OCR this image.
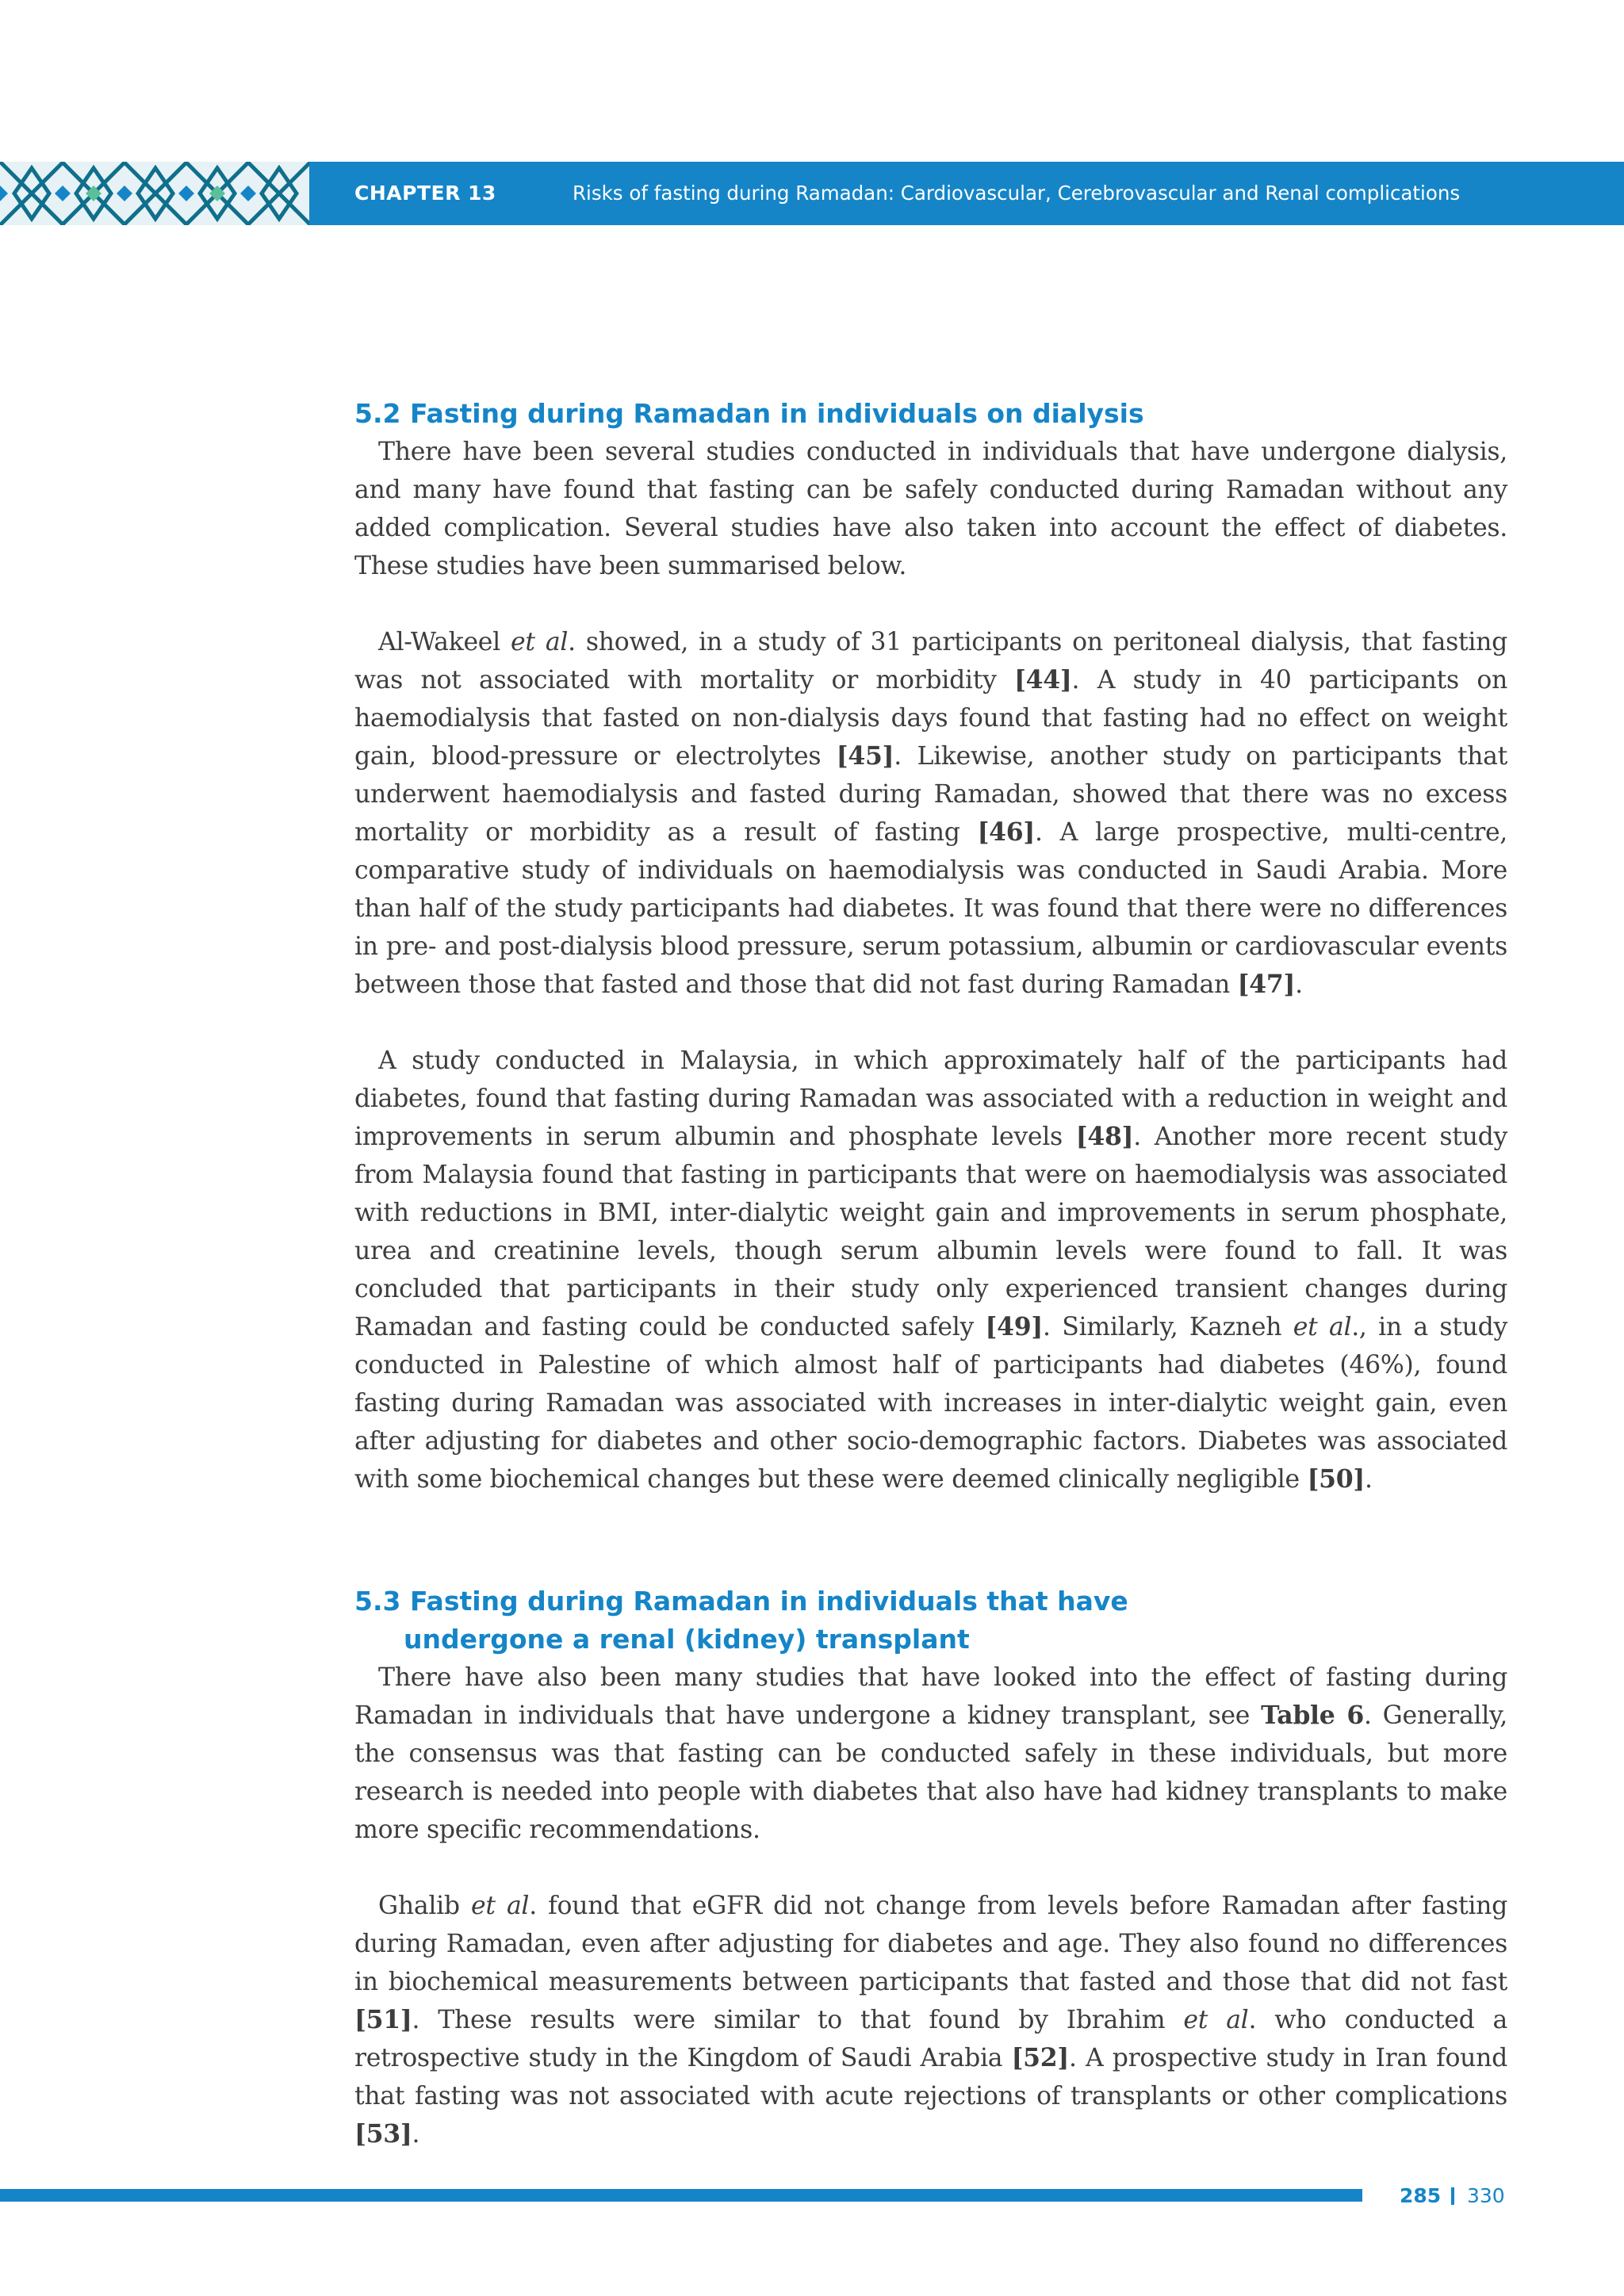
CHAPTER 13	Risks of fasting during Ramadan: Cardiovascular, Cerebrovascular and Renal complications
5.2 Fasting during Ramadan in individuals on dialysis

There have been several studies conducted in individuals that have undergone dialysis, and many have found that fasting can be safely conducted during Ramadan without any added complication. Several studies have also taken into account the effect of diabetes. These studies have been summarised below.

Al-Wakeel et al. showed, in a study of 31 participants on peritoneal dialysis, that fasting was not associated with mortality or morbidity [44]. A study in 40 participants on haemodialysis that fasted on non-dialysis days found that fasting had no effect on weight gain, blood-pressure or electrolytes [45]. Likewise, another study on participants that underwent haemodialysis and fasted during Ramadan, showed that there was no excess mortality or morbidity as a result of fasting [46]. A large prospective, multi-centre, comparative study of individuals on haemodialysis was conducted in Saudi Arabia. More than half of the study participants had diabetes. It was found that there were no differences in pre- and post-dialysis blood pressure, serum potassium, albumin or cardiovascular events between those that fasted and those that did not fast during Ramadan [47].

A study conducted in Malaysia, in which approximately half of the participants had diabetes, found that fasting during Ramadan was associated with a reduction in weight and improvements in serum albumin and phosphate levels [48]. Another more recent study from Malaysia found that fasting in participants that were on haemodialysis was associated with reductions in BMI, inter-dialytic weight gain and improvements in serum phosphate, urea and creatinine levels, though serum albumin levels were found to fall. It was concluded that participants in their study only experienced transient changes during Ramadan and fasting could be conducted safely [49]. Similarly, Kazneh et al., in a study conducted in Palestine of which almost half of participants had diabetes (46%), found fasting during Ramadan was associated with increases in inter-dialytic weight gain, even after adjusting for diabetes and other socio-demographic factors. Diabetes was associated with some biochemical changes but these were deemed clinically negligible [50].

5.3 Fasting during Ramadan in individuals that have
undergone a renal (kidney) transplant

There have also been many studies that have looked into the effect of fasting during Ramadan in individuals that have undergone a kidney transplant, see Table 6. Generally, the consensus was that fasting can be conducted safely in these individuals, but more research is needed into people with diabetes that also have had kidney transplants to make more specific recommendations.

Ghalib et al. found that eGFR did not change from levels before Ramadan after fasting during Ramadan, even after adjusting for diabetes and age. They also found no differences in biochemical measurements between participants that fasted and those that did not fast [51]. These results were similar to that found by Ibrahim et al. who conducted a retrospective study in the Kingdom of Saudi Arabia [52]. A prospective study in Iran found that fasting was not associated with acute rejections of transplants or other complications [53].

285 330
